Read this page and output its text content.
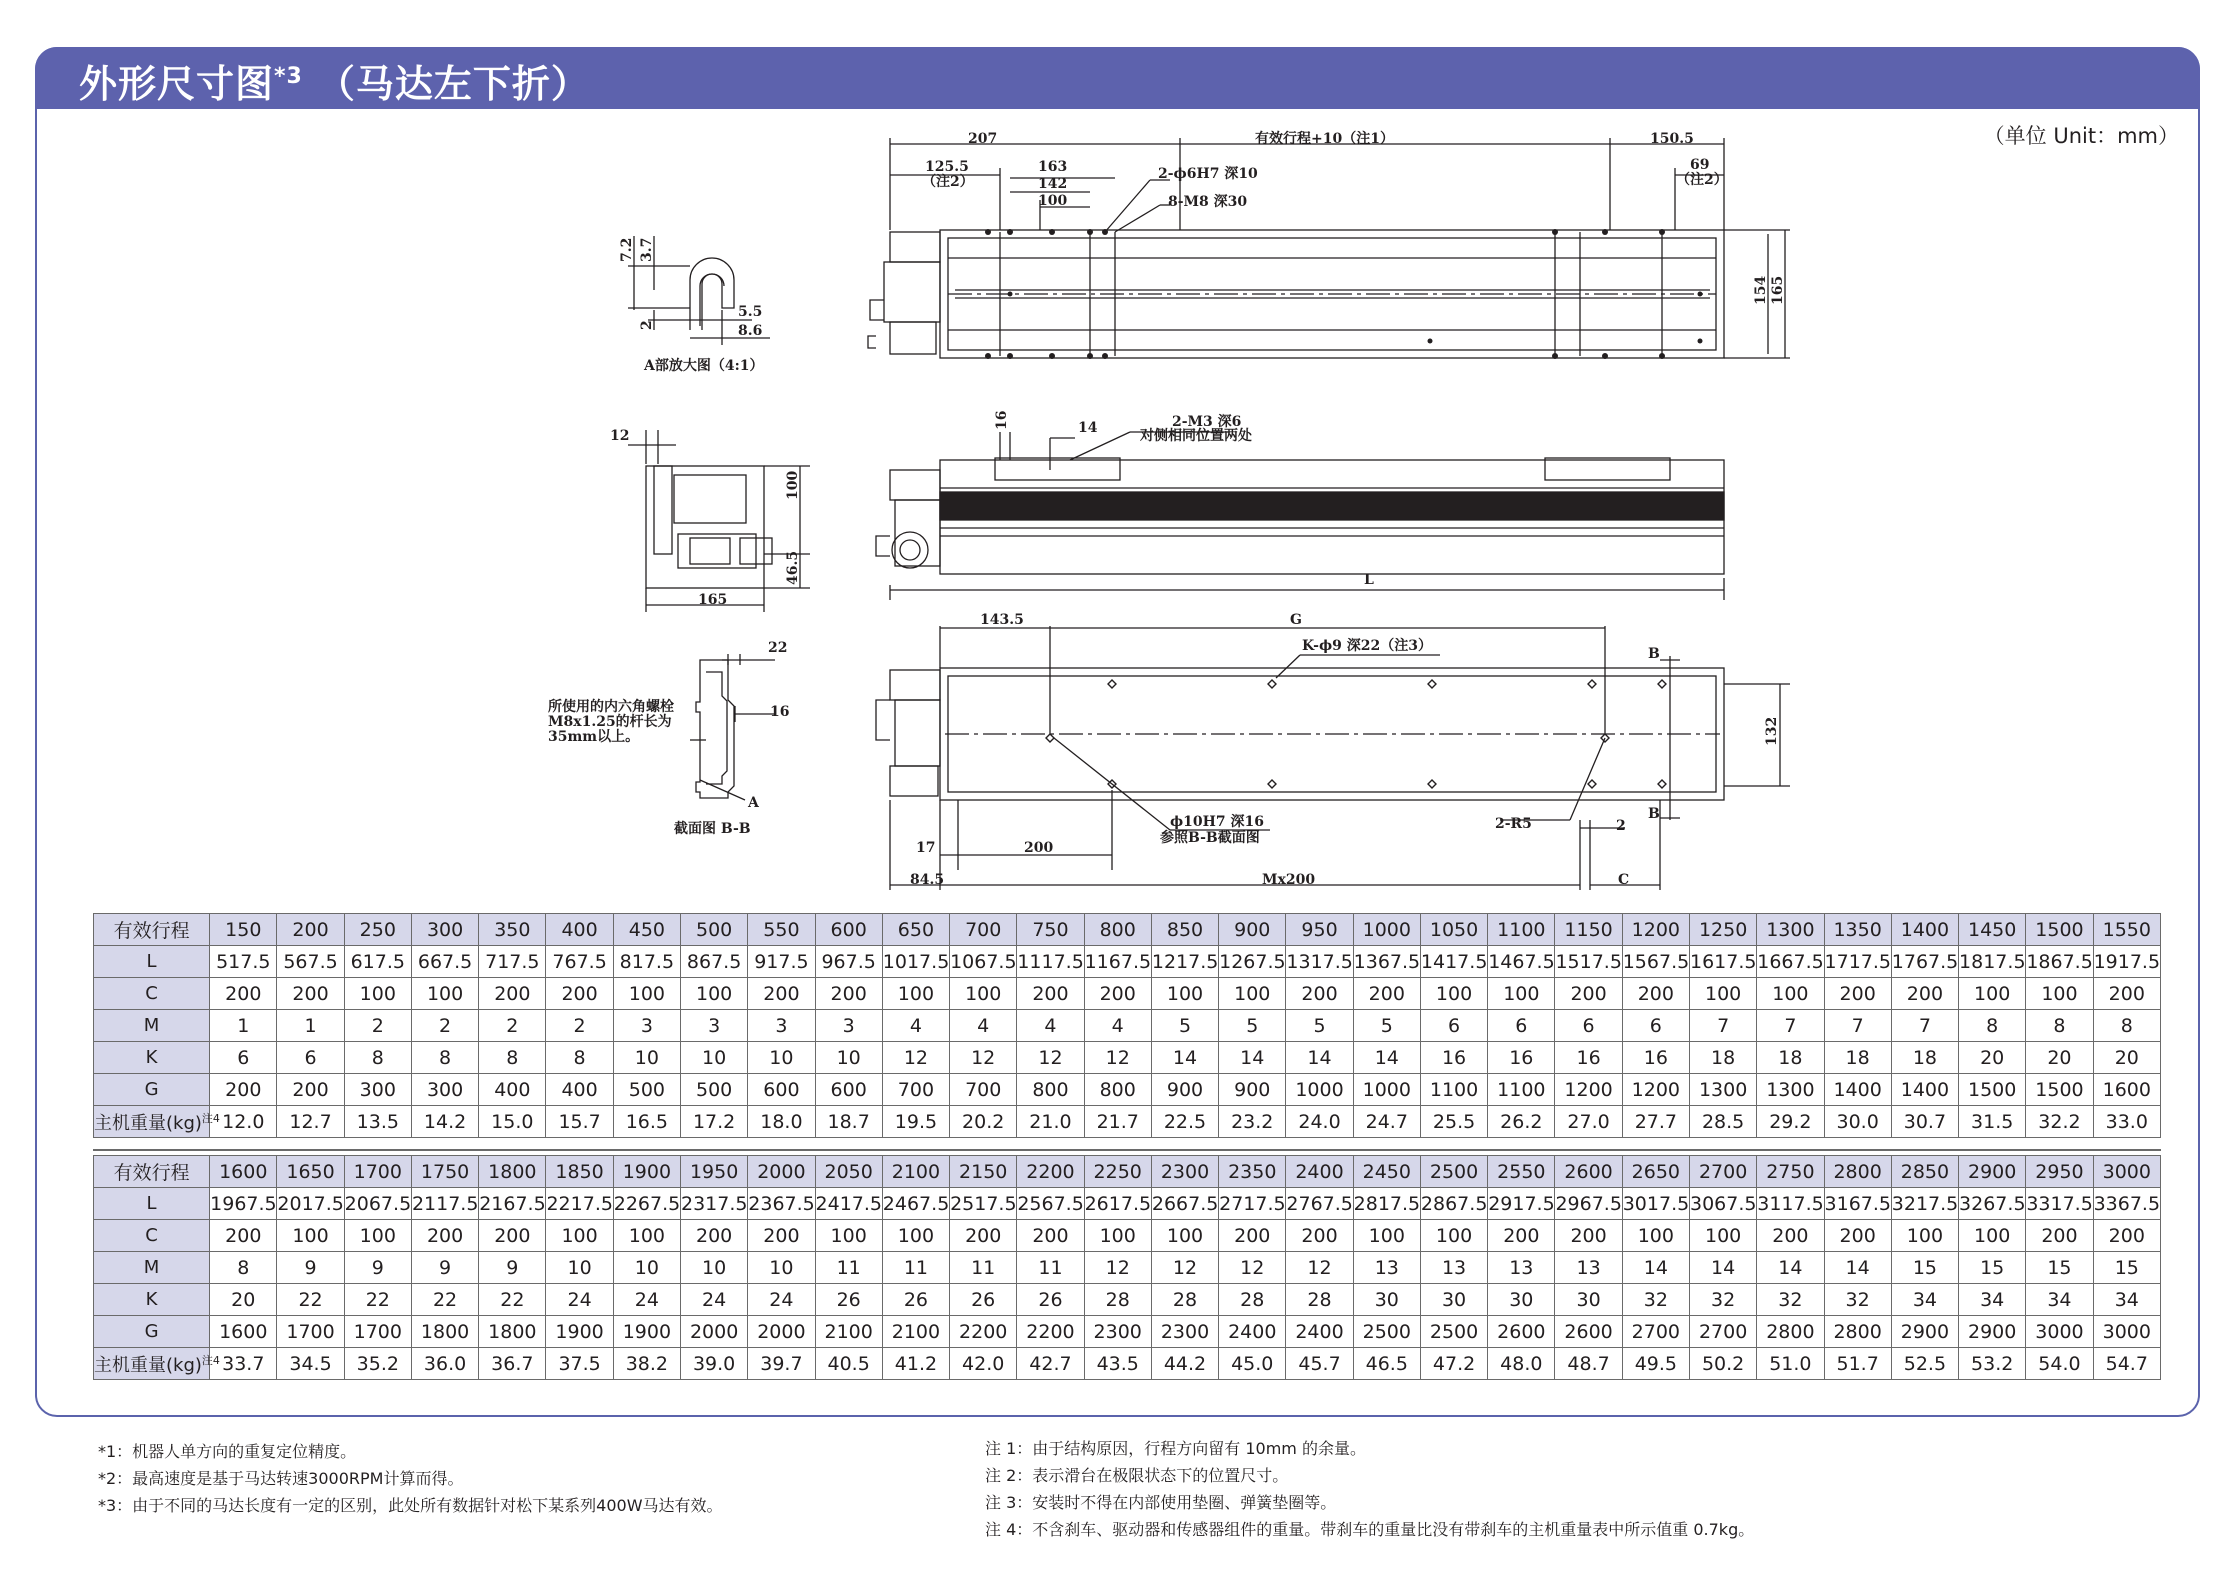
外形尺寸图$^{*3}$ （马达左下折）
（单位 Unit：mm）
207	有效行程+10（注1）	150.5
125.5
（注2）
163
142
100
2-ϕ6H7 深10
8-M8 深30
69
（注2）
154 165
7.2 3.7
2
5.5
8.6
A部放大图（4:1）
12
100
46.5
165
16	14	2-M3 深6
对侧相同位置两处
L
22
16
所使用的内六角螺栓
M8x1.25的杆长为
35mm以上。
A
截面图 B-B
143.5	G
K-ϕ9 深22（注3）	B
B
132
ϕ10H7 深16
参照B-B截面图
2-R5	2
17	200
84.5	Mx200	C
有效行程	150	200	250	300	350	400	450	500	550	600	650	700	750	800	850	900	950	1000	1050	1100	1150	1200	1250	1300	1350	1400	1450	1500	1550
L	517.5	567.5	617.5	667.5	717.5	767.5	817.5	867.5	917.5	967.5	1017.5	1067.5	1117.5	1167.5	1217.5	1267.5	1317.5	1367.5	1417.5	1467.5	1517.5	1567.5	1617.5	1667.5	1717.5	1767.5	1817.5	1867.5	1917.5
C	200	200	100	100	200	200	100	100	200	200	100	100	200	200	100	100	200	200	100	100	200	200	100	100	200	200	100	100	200
M	1	1	2	2	2	2	3	3	3	3	4	4	4	4	5	5	5	5	6	6	6	6	7	7	7	7	8	8	8
K	6	6	8	8	8	8	10	10	10	10	12	12	12	12	14	14	14	14	16	16	16	16	18	18	18	18	20	20	20
G	200	200	300	300	400	400	500	500	600	600	700	700	800	800	900	900	1000	1000	1100	1100	1200	1200	1300	1300	1400	1400	1500	1500	1600
主机重量(kg)$^{注4}$	12.0	12.7	13.5	14.2	15.0	15.7	16.5	17.2	18.0	18.7	19.5	20.2	21.0	21.7	22.5	23.2	24.0	24.7	25.5	26.2	27.0	27.7	28.5	29.2	30.0	30.7	31.5	32.2	33.0
有效行程	1600	1650	1700	1750	1800	1850	1900	1950	2000	2050	2100	2150	2200	2250	2300	2350	2400	2450	2500	2550	2600	2650	2700	2750	2800	2850	2900	2950	3000
L	1967.5	2017.5	2067.5	2117.5	2167.5	2217.5	2267.5	2317.5	2367.5	2417.5	2467.5	2517.5	2567.5	2617.5	2667.5	2717.5	2767.5	2817.5	2867.5	2917.5	2967.5	3017.5	3067.5	3117.5	3167.5	3217.5	3267.5	3317.5	3367.5
C	200	100	100	200	200	100	100	200	200	100	100	200	200	100	100	200	200	100	100	200	200	100	100	200	200	100	100	200	200
M	8	9	9	9	9	10	10	10	10	11	11	11	11	12	12	12	12	13	13	13	13	14	14	14	14	15	15	15	15
K	20	22	22	22	22	24	24	24	24	26	26	26	26	28	28	28	28	30	30	30	30	32	32	32	32	34	34	34	34
G	1600	1700	1700	1800	1800	1900	1900	2000	2000	2100	2100	2200	2200	2300	2300	2400	2400	2500	2500	2600	2600	2700	2700	2800	2800	2900	2900	3000	3000
主机重量(kg)$^{注4}$	33.7	34.5	35.2	36.0	36.7	37.5	38.2	39.0	39.7	40.5	41.2	42.0	42.7	43.5	44.2	45.0	45.7	46.5	47.2	48.0	48.7	49.5	50.2	51.0	51.7	52.5	53.2	54.0	54.7
*1：机器人单方向的重复定位精度。
*2：最高速度是基于马达转速3000RPM计算而得。
*3：由于不同的马达长度有一定的区别，此处所有数据针对松下某系列400W马达有效。
注 1：由于结构原因，行程方向留有 10mm 的余量。
注 2：表示滑台在极限状态下的位置尺寸。
注 3：安装时不得在内部使用垫圈、弹簧垫圈等。
注 4：不含刹车、驱动器和传感器组件的重量。带刹车的重量比没有带刹车的主机重量表中所示值重 0.7kg。
